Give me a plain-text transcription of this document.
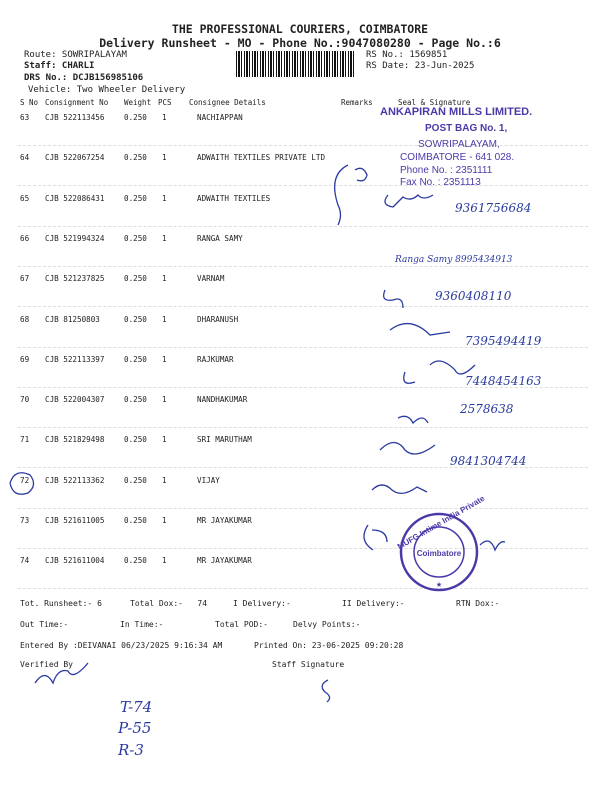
THE PROFESSIONAL COURIERS, COIMBATORE
Delivery Runsheet - MO - Phone No.:9047080280 - Page No.:6
Route: SOWRIPALAYAM
Staff: CHARLI
DRS No.: DCJB156985106
Vehicle: Two Wheeler Delivery
RS No.: 1569851
RS Date: 23-Jun-2025
S No Consignment No Weight PCS Consignee Details	Remarks	Seal & Signature
63 CJB 522113456	0.250 1	NACHIAPPAN
64 CJB 522067254	0.250 1	ADWAITH TEXTILES PRIVATE LTD
65 CJB 522086431	0.250 1	ADWAITH TEXTILES
66 CJB 521994324	0.250 1	RANGA SAMY
67 CJB 521237825	0.250 1	VARNAM
68 CJB 81250803	0.250 1	DHARANUSH
69 CJB 522113397	0.250 1	RAJKUMAR
70 CJB 522004307	0.250 1	NANDHAKUMAR
71 CJB 521829498	0.250 1	SRI MARUTHAM
72 CJB 522113362	0.250 1	VIJAY
73 CJB 521611005	0.250 1	MR JAYAKUMAR
74 CJB 521611004	0.250 1	MR JAYAKUMAR
ANKAPIRAN MILLS LIMITED.
POST BAG No. 1,
SOWRIPALAYAM,
COIMBATORE - 641 028.
Phone No. : 2351111
Fax No. : 2351113
Coimbatore
MUFG Intime India Private
★
9361756684
Ranga Samy 8995434913
9360408110
7395494419
7448454163
2578638
9841304744
T-74
P-55
R-3
Tot. Runsheet:- 6	Total Dox:-   74	I Delivery:-	II Delivery:-	RTN Dox:-
Out Time:-	In Time:-	Total POD:-	Delvy Points:-
Entered By :DEIVANAI 06/23/2025 9:16:34 AM	Printed On: 23-06-2025 09:20:28
Verified By	Staff Signature
